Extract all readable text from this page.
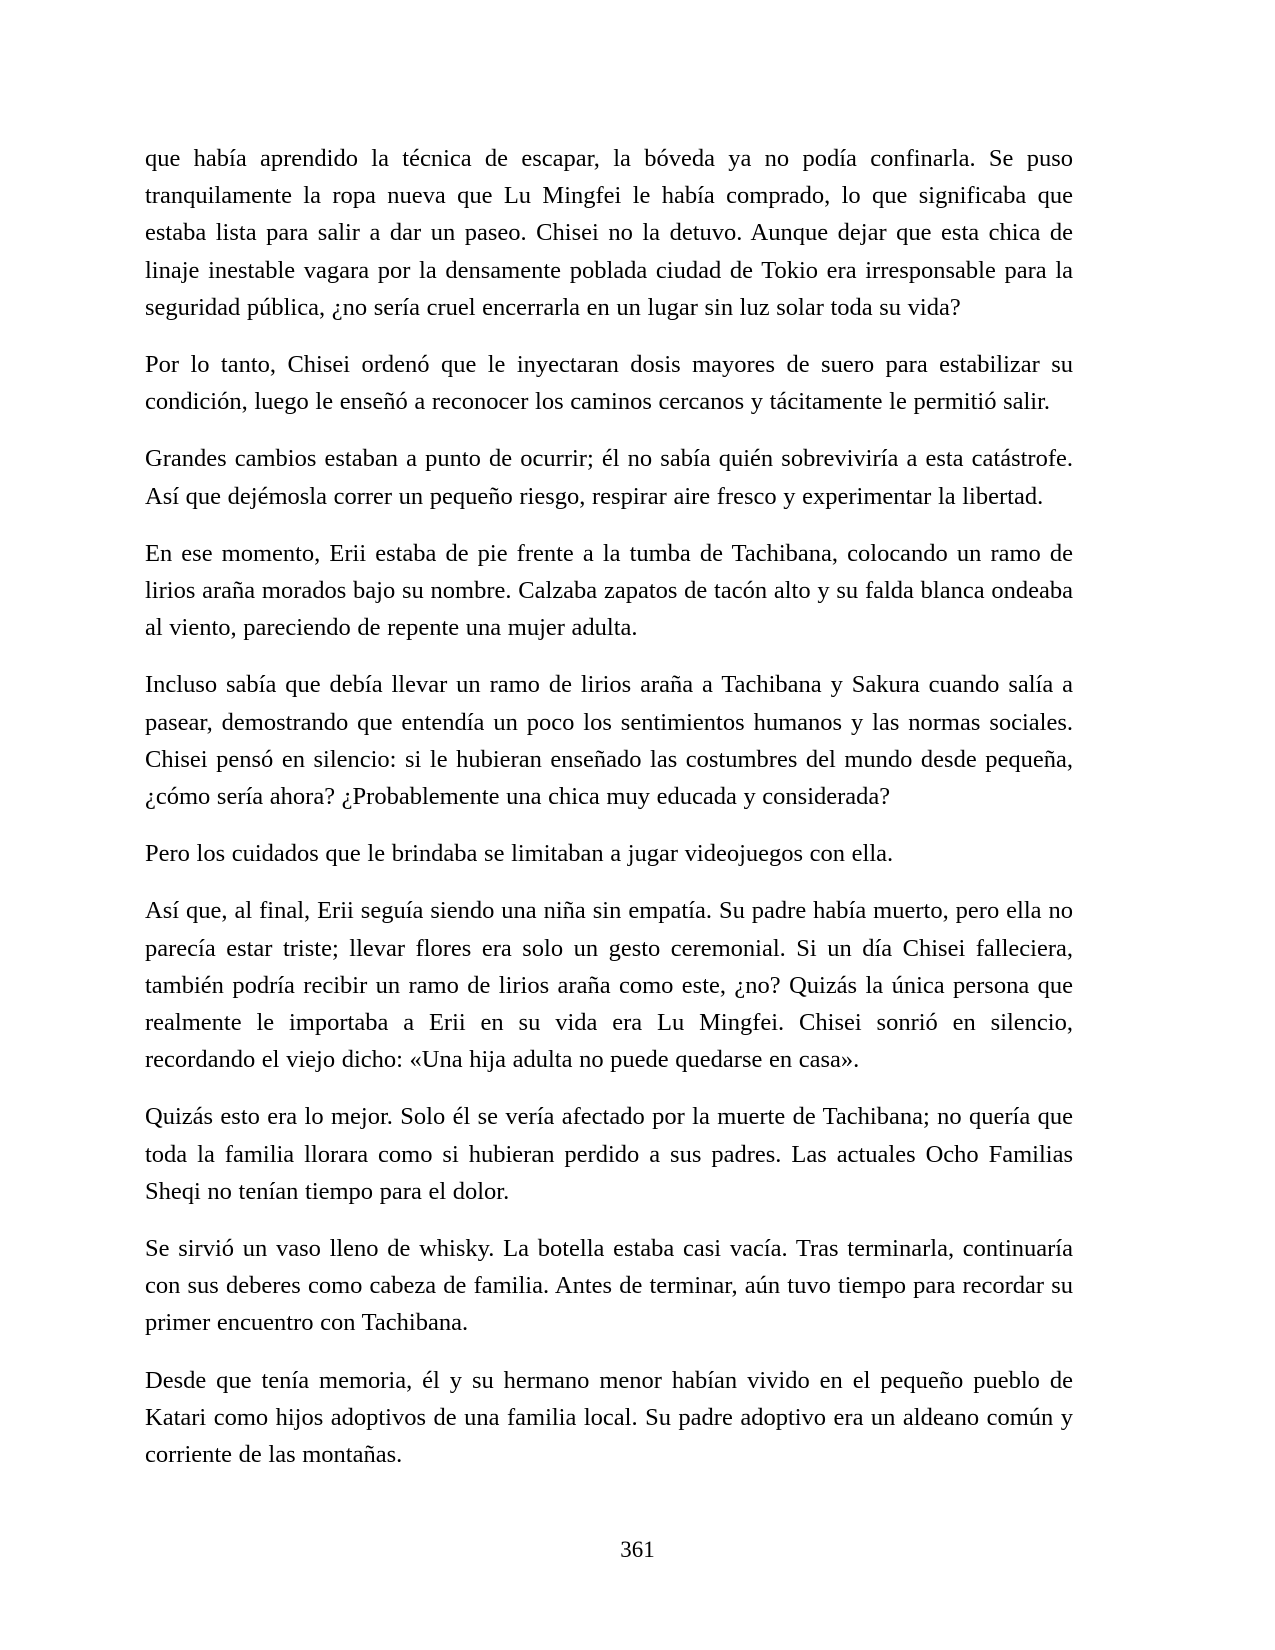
que había aprendido la técnica de escapar, la bóveda ya no podía confinarla. Se puso tranquilamente la ropa nueva que Lu Mingfei le había comprado, lo que significaba que estaba lista para salir a dar un paseo. Chisei no la detuvo. Aunque dejar que esta chica de linaje inestable vagara por la densamente poblada ciudad de Tokio era irresponsable para la seguridad pública, ¿no sería cruel encerrarla en un lugar sin luz solar toda su vida?

Por lo tanto, Chisei ordenó que le inyectaran dosis mayores de suero para estabilizar su condición, luego le enseñó a reconocer los caminos cercanos y tácitamente le permitió salir.

Grandes cambios estaban a punto de ocurrir; él no sabía quién sobreviviría a esta catástrofe. Así que dejémosla correr un pequeño riesgo, respirar aire fresco y experimentar la libertad.

En ese momento, Erii estaba de pie frente a la tumba de Tachibana, colocando un ramo de lirios araña morados bajo su nombre. Calzaba zapatos de tacón alto y su falda blanca ondeaba al viento, pareciendo de repente una mujer adulta.

Incluso sabía que debía llevar un ramo de lirios araña a Tachibana y Sakura cuando salía a pasear, demostrando que entendía un poco los sentimientos humanos y las normas sociales. Chisei pensó en silencio: si le hubieran enseñado las costumbres del mundo desde pequeña, ¿cómo sería ahora? ¿Probablemente una chica muy educada y considerada?

Pero los cuidados que le brindaba se limitaban a jugar videojuegos con ella.

Así que, al final, Erii seguía siendo una niña sin empatía. Su padre había muerto, pero ella no parecía estar triste; llevar flores era solo un gesto ceremonial. Si un día Chisei falleciera, también podría recibir un ramo de lirios araña como este, ¿no? Quizás la única persona que realmente le importaba a Erii en su vida era Lu Mingfei. Chisei sonrió en silencio, recordando el viejo dicho: «Una hija adulta no puede quedarse en casa».

Quizás esto era lo mejor. Solo él se vería afectado por la muerte de Tachibana; no quería que toda la familia llorara como si hubieran perdido a sus padres. Las actuales Ocho Familias Sheqi no tenían tiempo para el dolor.

Se sirvió un vaso lleno de whisky. La botella estaba casi vacía. Tras terminarla, continuaría con sus deberes como cabeza de familia. Antes de terminar, aún tuvo tiempo para recordar su primer encuentro con Tachibana.

Desde que tenía memoria, él y su hermano menor habían vivido en el pequeño pueblo de Katari como hijos adoptivos de una familia local. Su padre adoptivo era un aldeano común y corriente de las montañas.

361
